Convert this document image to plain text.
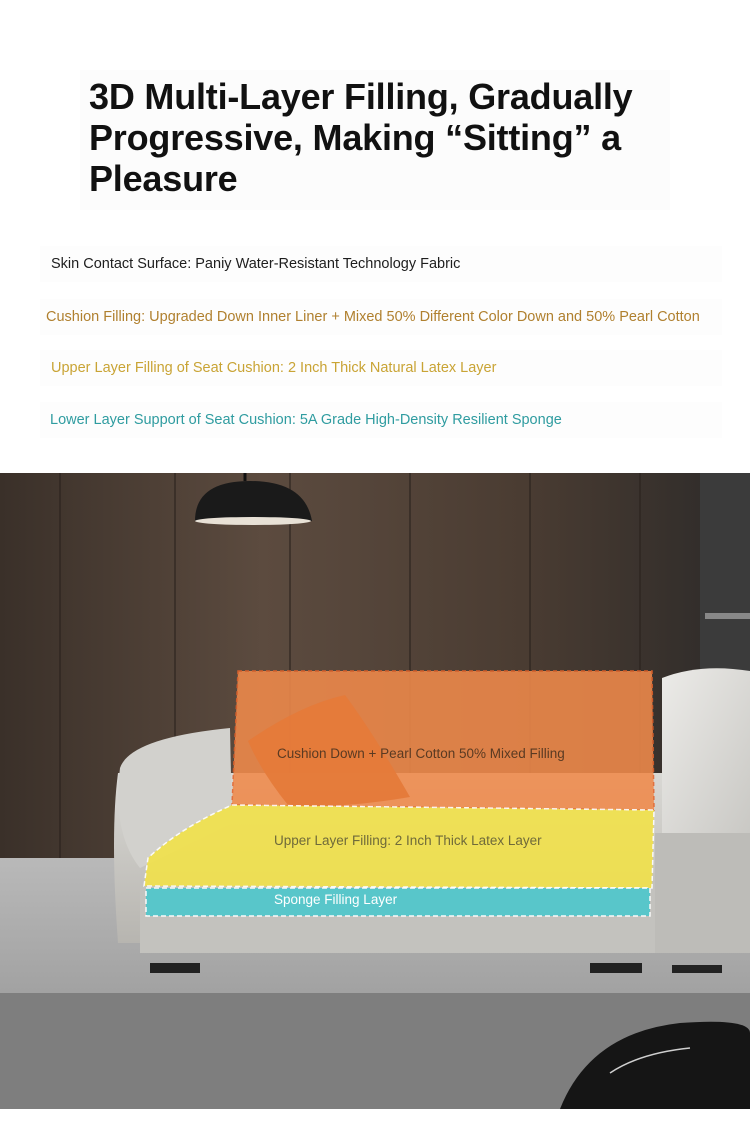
3D Multi-Layer Filling, Gradually Progressive, Making “Sitting” a Pleasure
Skin Contact Surface: Paniy Water-Resistant Technology Fabric
Cushion Filling: Upgraded Down Inner Liner + Mixed 50% Different Color Down and 50% Pearl Cotton
Upper Layer Filling of Seat Cushion: 2 Inch Thick Natural Latex Layer
Lower Layer Support of Seat Cushion: 5A Grade High-Density Resilient Sponge
Cushion Down + Pearl Cotton 50% Mixed Filling
Upper Layer Filling: 2 Inch Thick Latex Layer
Sponge Filling Layer
